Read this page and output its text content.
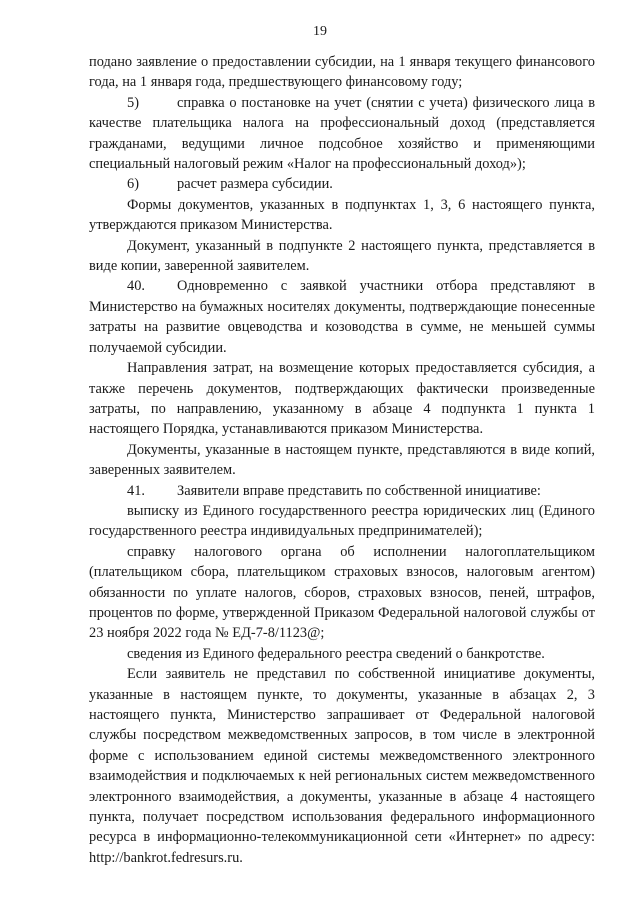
19

подано заявление о предоставлении субсидии, на 1 января текущего финансового года, на 1 января года, предшествующего финансовому году;

5)	справка о постановке на учет (снятии с учета) физического лица в качестве плательщика налога на профессиональный доход (представляется гражданами, ведущими личное подсобное хозяйство и применяющими специальный налоговый режим «Налог на профессиональный доход»);

6)	расчет размера субсидии.

Формы документов, указанных в подпунктах 1, 3, 6 настоящего пункта, утверждаются приказом Министерства.

Документ, указанный в подпункте 2 настоящего пункта, представляется в виде копии, заверенной заявителем.

40. Одновременно с заявкой участники отбора представляют в Министерство на бумажных носителях документы, подтверждающие понесенные затраты на развитие овцеводства и козоводства в сумме, не меньшей суммы получаемой субсидии.

Направления затрат, на возмещение которых предоставляется субсидия, а также перечень документов, подтверждающих фактически произведенные затраты, по направлению, указанному в абзаце 4 подпункта 1 пункта 1 настоящего Порядка, устанавливаются приказом Министерства.

Документы, указанные в настоящем пункте, представляются в виде копий, заверенных заявителем.

41. Заявители вправе представить по собственной инициативе:

выписку из Единого государственного реестра юридических лиц (Единого государственного реестра индивидуальных предпринимателей);

справку налогового органа об исполнении налогоплательщиком (плательщиком сбора, плательщиком страховых взносов, налоговым агентом) обязанности по уплате налогов, сборов, страховых взносов, пеней, штрафов, процентов по форме, утвержденной Приказом Федеральной налоговой службы от 23 ноября 2022 года № ЕД-7-8/1123@;

сведения из Единого федерального реестра сведений о банкротстве.

Если заявитель не представил по собственной инициативе документы, указанные в настоящем пункте, то документы, указанные в абзацах 2, 3 настоящего пункта, Министерство запрашивает от Федеральной налоговой службы посредством межведомственных запросов, в том числе в электронной форме с использованием единой системы межведомственного электронного взаимодействия и подключаемых к ней региональных систем межведомственного электронного взаимодействия, а документы, указанные в абзаце 4 настоящего пункта, получает посредством использования федерального информационного ресурса в информационно-телекоммуникационной сети «Интернет» по адресу: http://bankrot.fedresurs.ru.
